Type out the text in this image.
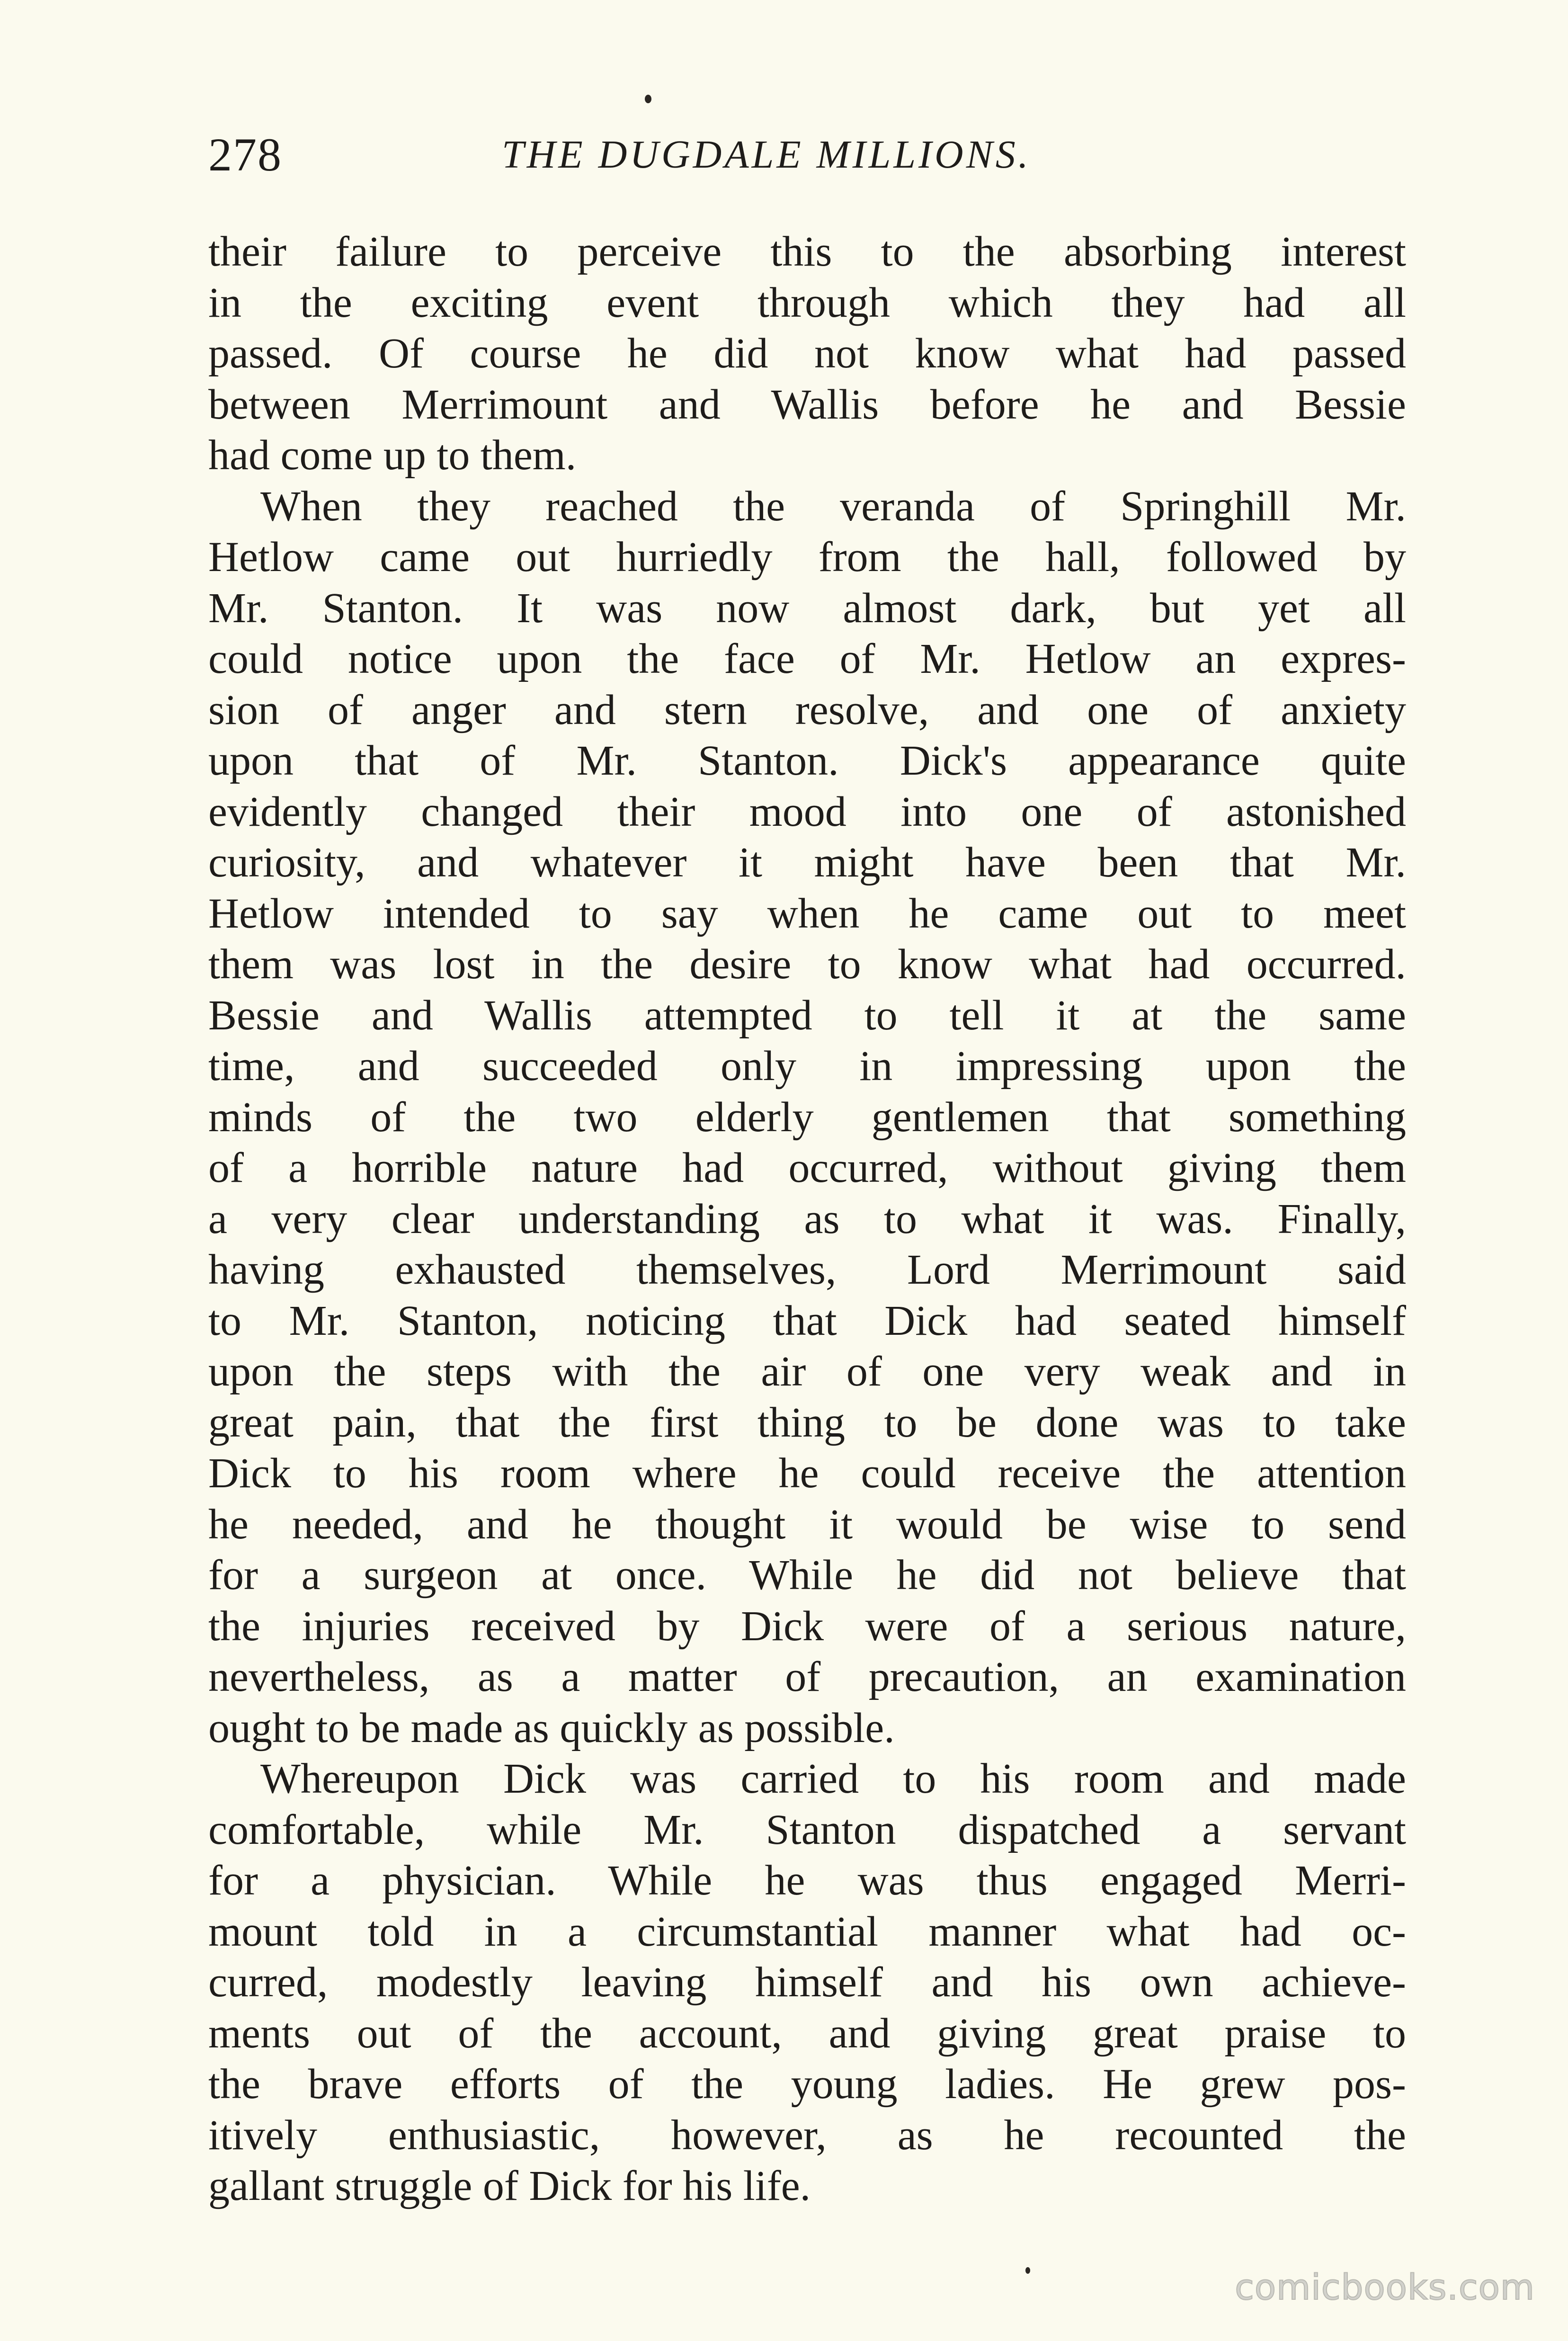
278	THE DUGDALE MILLIONS.
their failure to perceive this to the absorbing interest
in the exciting event through which they had all
passed. Of course he did not know what had passed
between Merrimount and Wallis before he and Bessie
had come up to them.
When they reached the veranda of Springhill Mr.
Hetlow came out hurriedly from the hall, followed by
Mr. Stanton. It was now almost dark, but yet all
could notice upon the face of Mr. Hetlow an expres-
sion of anger and stern resolve, and one of anxiety
upon that of Mr. Stanton. Dick's appearance quite
evidently changed their mood into one of astonished
curiosity, and whatever it might have been that Mr.
Hetlow intended to say when he came out to meet
them was lost in the desire to know what had occurred.
Bessie and Wallis attempted to tell it at the same
time, and succeeded only in impressing upon the
minds of the two elderly gentlemen that something
of a horrible nature had occurred, without giving them
a very clear understanding as to what it was. Finally,
having exhausted themselves, Lord Merrimount said
to Mr. Stanton, noticing that Dick had seated himself
upon the steps with the air of one very weak and in
great pain, that the first thing to be done was to take
Dick to his room where he could receive the attention
he needed, and he thought it would be wise to send
for a surgeon at once. While he did not believe that
the injuries received by Dick were of a serious nature,
nevertheless, as a matter of precaution, an examination
ought to be made as quickly as possible.
Whereupon Dick was carried to his room and made
comfortable, while Mr. Stanton dispatched a servant
for a physician. While he was thus engaged Merri-
mount told in a circumstantial manner what had oc-
curred, modestly leaving himself and his own achieve-
ments out of the account, and giving great praise to
the brave efforts of the young ladies. He grew pos-
itively enthusiastic, however, as he recounted the
gallant struggle of Dick for his life.
comicbooks.com
